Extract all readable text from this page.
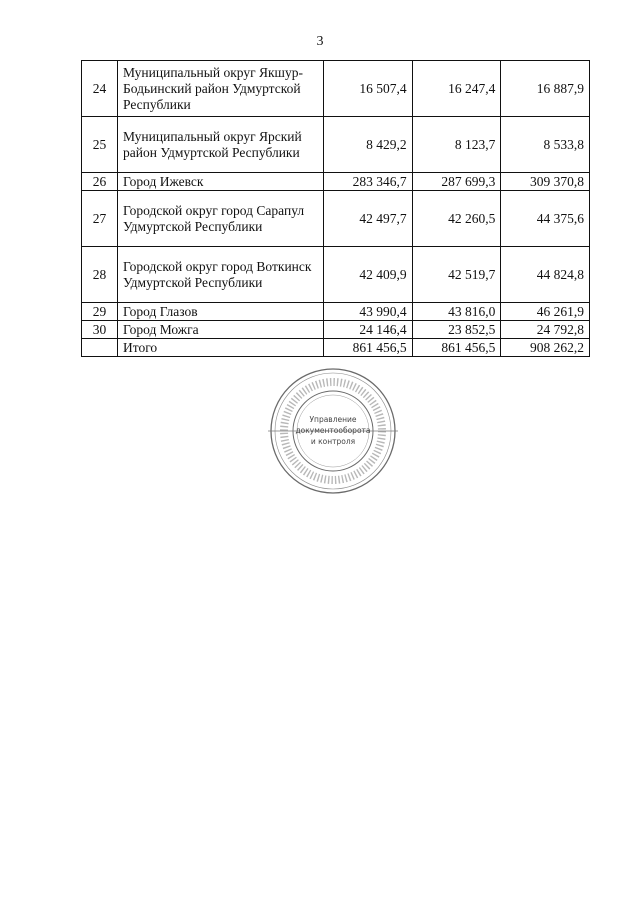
3
24	Муниципальный округ Якшур-Бодьинский район Удмуртской Республики	16 507,4	16 247,4	16 887,9
25	Муниципальный округ Ярский район Удмуртской Республики	8 429,2	8 123,7	8 533,8
26	Город Ижевск	283 346,7	287 699,3	309 370,8
27	Городской округ город Сарапул Удмуртской Республики	42 497,7	42 260,5	44 375,6
28	Городской округ город Воткинск Удмуртской Республики	42 409,9	42 519,7	44 824,8
29	Город Глазов	43 990,4	43 816,0	46 261,9
30	Город Можга	24 146,4	23 852,5	24 792,8
	Итого	861 456,5	861 456,5	908 262,2
Управление
документооборота
и контроля
